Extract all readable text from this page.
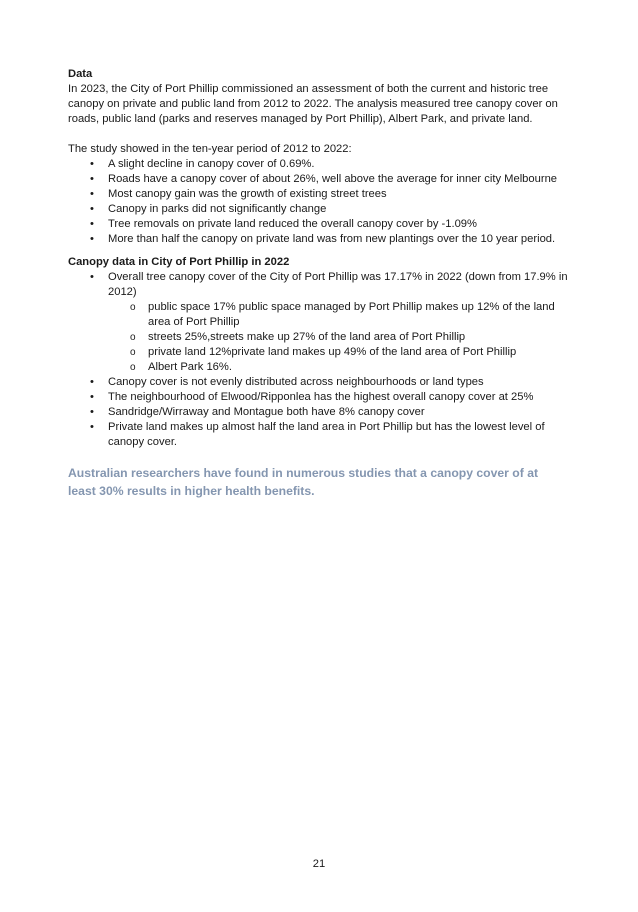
Data

In 2023, the City of Port Phillip commissioned an assessment of both the current and historic tree canopy on private and public land from 2012 to 2022. The analysis measured tree canopy cover on roads, public land (parks and reserves managed by Port Phillip), Albert Park, and private land.

The study showed in the ten-year period of 2012 to 2022:

• A slight decline in canopy cover of 0.69%.
• Roads have a canopy cover of about 26%, well above the average for inner city Melbourne
• Most canopy gain was the growth of existing street trees
• Canopy in parks did not significantly change
• Tree removals on private land reduced the overall canopy cover by -1.09%
• More than half the canopy on private land was from new plantings over the 10 year period.

Canopy data in City of Port Phillip in 2022

• Overall tree canopy cover of the City of Port Phillip was 17.17% in 2022 (down from 17.9% in 2012)
o public space 17% public space managed by Port Phillip makes up 12% of the land area of Port Phillip
o streets 25%,streets make up 27% of the land area of Port Phillip
o private land 12%private land makes up 49% of the land area of Port Phillip
o Albert Park 16%.
• Canopy cover is not evenly distributed across neighbourhoods or land types
• The neighbourhood of Elwood/Ripponlea has the highest overall canopy cover at 25%
• Sandridge/Wirraway and Montague both have 8% canopy cover
• Private land makes up almost half the land area in Port Phillip but has the lowest level of canopy cover.

Australian researchers have found in numerous studies that a canopy cover of at least 30% results in higher health benefits.

21
